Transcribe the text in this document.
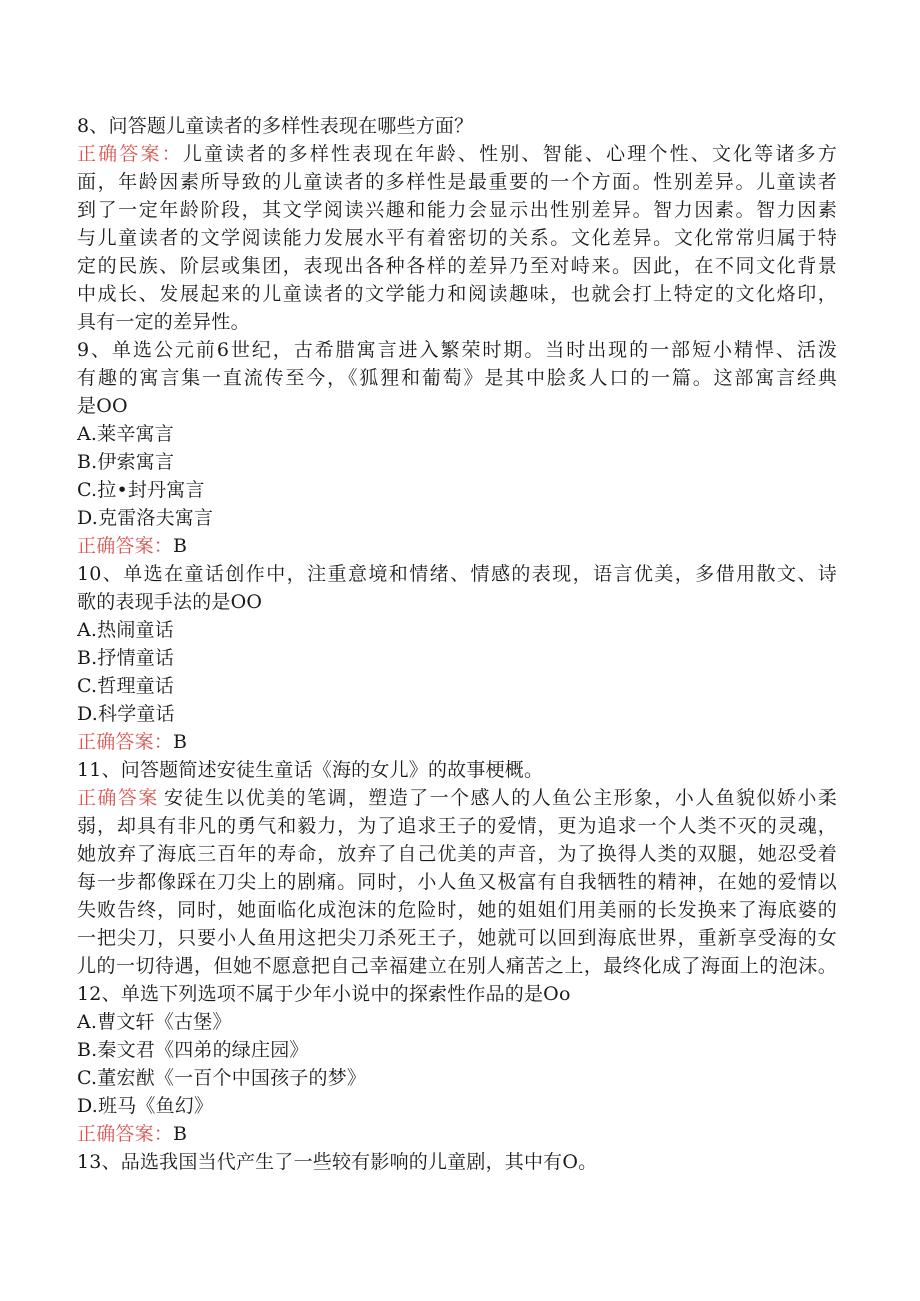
8、问答题儿童读者的多样性表现在哪些方面？
正确答案：儿童读者的多样性表现在年龄、性别、智能、心理个性、文化等诸多方
面，年龄因素所导致的儿童读者的多样性是最重要的一个方面。性别差异。儿童读者
到了一定年龄阶段，其文学阅读兴趣和能力会显示出性别差异。智力因素。智力因素
与儿童读者的文学阅读能力发展水平有着密切的关系。文化差异。文化常常归属于特
定的民族、阶层或集团，表现出各种各样的差异乃至对峙来。因此，在不同文化背景
中成长、发展起来的儿童读者的文学能力和阅读趣味，也就会打上特定的文化烙印，
具有一定的差异性。
9、单选公元前6世纪，古希腊寓言进入繁荣时期。当时出现的一部短小精悍、活泼
有趣的寓言集一直流传至今，《狐狸和葡萄》是其中脍炙人口的一篇。这部寓言经典
是OO
A.莱辛寓言
B.伊索寓言
C.拉•封丹寓言
D.克雷洛夫寓言
正确答案：B
10、单选在童话创作中，注重意境和情绪、情感的表现，语言优美，多借用散文、诗
歌的表现手法的是OO
A.热闹童话
B.抒情童话
C.哲理童话
D.科学童话
正确答案：B
11、问答题简述安徒生童话《海的女儿》的故事梗概。
正确答案 安徒生以优美的笔调，塑造了一个感人的人鱼公主形象，小人鱼貌似娇小柔
弱，却具有非凡的勇气和毅力，为了追求王子的爱情，更为追求一个人类不灭的灵魂，
她放弃了海底三百年的寿命，放弃了自己优美的声音，为了换得人类的双腿，她忍受着
每一步都像踩在刀尖上的剧痛。同时，小人鱼又极富有自我牺牲的精神，在她的爱情以
失败告终，同时，她面临化成泡沫的危险时，她的姐姐们用美丽的长发换来了海底婆的
一把尖刀，只要小人鱼用这把尖刀杀死王子，她就可以回到海底世界，重新享受海的女
儿的一切待遇，但她不愿意把自己幸福建立在别人痛苦之上，最终化成了海面上的泡沫。
12、单选下列选项不属于少年小说中的探索性作品的是Oo
A.曹文轩《古堡》
B.秦文君《四弟的绿庄园》
C.董宏猷《一百个中国孩子的梦》
D.班马《鱼幻》
正确答案：B
13、品选我国当代产生了一些较有影响的儿童剧，其中有O。
